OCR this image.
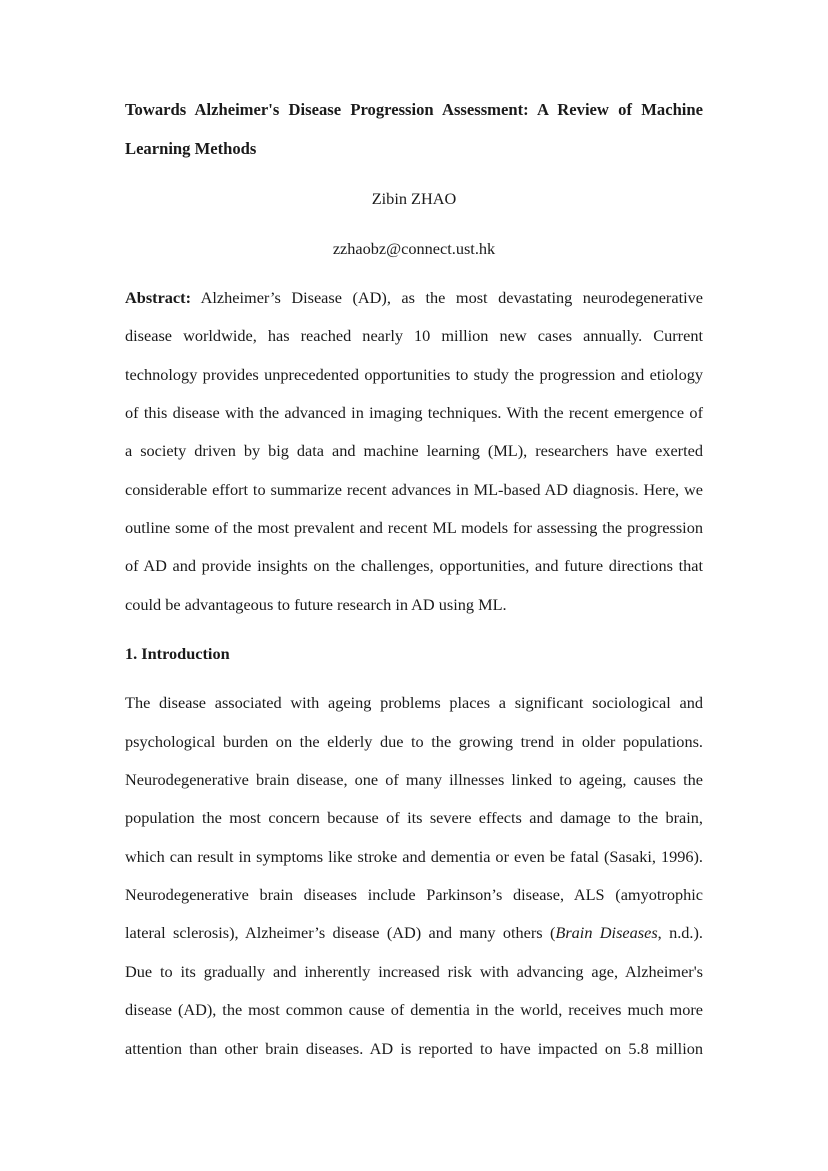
Towards Alzheimer's Disease Progression Assessment: A Review of Machine
Learning Methods
Zibin ZHAO
zzhaobz@connect.ust.hk
Abstract: Alzheimer’s Disease (AD), as the most devastating neurodegenerative
disease worldwide, has reached nearly 10 million new cases annually. Current
technology provides unprecedented opportunities to study the progression and etiology
of this disease with the advanced in imaging techniques. With the recent emergence of
a society driven by big data and machine learning (ML), researchers have exerted
considerable effort to summarize recent advances in ML-based AD diagnosis. Here, we
outline some of the most prevalent and recent ML models for assessing the progression
of AD and provide insights on the challenges, opportunities, and future directions that
could be advantageous to future research in AD using ML.
1. Introduction
The disease associated with ageing problems places a significant sociological and
psychological burden on the elderly due to the growing trend in older populations.
Neurodegenerative brain disease, one of many illnesses linked to ageing, causes the
population the most concern because of its severe effects and damage to the brain,
which can result in symptoms like stroke and dementia or even be fatal (Sasaki, 1996).
Neurodegenerative brain diseases include Parkinson’s disease, ALS (amyotrophic
lateral sclerosis), Alzheimer’s disease (AD) and many others (Brain Diseases, n.d.).
Due to its gradually and inherently increased risk with advancing age, Alzheimer's
disease (AD), the most common cause of dementia in the world, receives much more
attention than other brain diseases. AD is reported to have impacted on 5.8 million
